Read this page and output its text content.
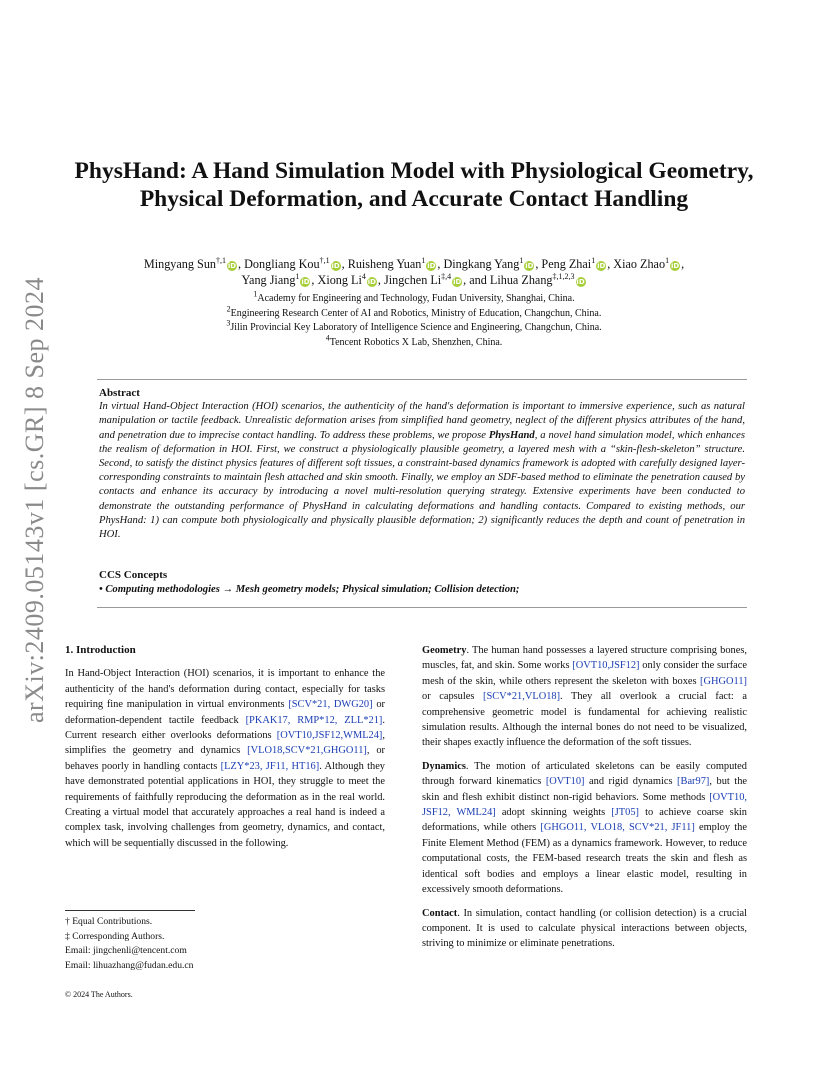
arXiv:2409.05143v1 [cs.GR] 8 Sep 2024
PhysHand: A Hand Simulation Model with Physiological Geometry,
Physical Deformation, and Accurate Contact Handling
Mingyang Sun$^{\dagger,1}$iD , Dongliang Kou$^{\dagger,1}$iD , Ruisheng Yuan$^1$iD , Dingkang Yang$^1$iD , Peng Zhai$^1$iD , Xiao Zhao$^1$iD ,
Yang Jiang$^1$iD , Xiong Li$^4$iD , Jingchen $Li^{\ddagger,4}iD$ , and Lihua Zhang$^{\ddagger,1,2,3}$iD
$^1$Academy for Engineering and Technology, Fudan University, Shanghai, China.
$^2$Engineering Research Center of AI and Robotics, Ministry of Education, Changchun, China.
$^3$Jilin Provincial Key Laboratory of Intelligence Science and Engineering, Changchun, China.
$^4$Tencent Robotics X Lab, Shenzhen, China.
Abstract
In virtual Hand-Object Interaction (HOI) scenarios, the authenticity of the hand's deformation is important to immersive experience, such as natural manipulation or tactile feedback. Unrealistic deformation arises from simplified hand geometry, neglect of the different physics attributes of the hand, and penetration due to imprecise contact handling. To address these problems, we propose PhysHand, a novel hand simulation model, which enhances the realism of deformation in HOI. First, we construct a physiologically plausible geometry, a layered mesh with a “skin-flesh-skeleton” structure. Second, to satisfy the distinct physics features of different soft tissues, a constraint-based dynamics framework is adopted with carefully designed layer-corresponding constraints to maintain flesh attached and skin smooth. Finally, we employ an SDF-based method to eliminate the penetration caused by contacts and enhance its accuracy by introducing a novel multi-resolution querying strategy. Extensive experiments have been conducted to demonstrate the outstanding performance of PhysHand in calculating deformations and handling contacts. Compared to existing methods, our PhysHand: 1) can compute both physiologically and physically plausible deformation; 2) significantly reduces the depth and count of penetration in HOI.
CCS Concepts
• Computing methodologies → Mesh geometry models; Physical simulation; Collision detection;
1. Introduction

In Hand-Object Interaction (HOI) scenarios, it is important to enhance the authenticity of the hand's deformation during contact, especially for tasks requiring fine manipulation in virtual environments [SCV*21, DWG20] or deformation-dependent tactile feedback [PKAK17, RMP*12, ZLL*21]. Current research either overlooks deformations [OVT10,JSF12,WML24], simplifies the geometry and dynamics [VLO18,SCV*21,GHGO11], or behaves poorly in handling contacts [LZY*23, JF11, HT16]. Although they have demonstrated potential applications in HOI, they struggle to meet the requirements of faithfully reproducing the deformation as in the real world. Creating a virtual model that accurately approaches a real hand is indeed a complex task, involving challenges from geometry, dynamics, and contact, which will be sequentially discussed in the following.

† Equal Contributions.
‡ Corresponding Authors.
Email: jingchenli@tencent.com
Email: lihuazhang@fudan.edu.cn
© 2024 The Authors.

Geometry. The human hand possesses a layered structure comprising bones, muscles, fat, and skin. Some works [OVT10,JSF12] only consider the surface mesh of the skin, while others represent the skeleton with boxes [GHGO11] or capsules [SCV*21,VLO18]. They all overlook a crucial fact: a comprehensive geometric model is fundamental for achieving realistic simulation results. Although the internal bones do not need to be visualized, their shapes exactly influence the deformation of the soft tissues.

Dynamics. The motion of articulated skeletons can be easily computed through forward kinematics [OVT10] and rigid dynamics [Bar97], but the skin and flesh exhibit distinct non-rigid behaviors. Some methods [OVT10, JSF12, WML24] adopt skinning weights [JT05] to achieve coarse skin deformations, while others [GHGO11, VLO18, SCV*21, JF11] employ the Finite Element Method (FEM) as a dynamics framework. However, to reduce computational costs, the FEM-based research treats the skin and flesh as identical soft bodies and employs a linear elastic model, resulting in excessively smooth deformations.

Contact. In simulation, contact handling (or collision detection) is a crucial component. It is used to calculate physical interactions between objects, striving to minimize or eliminate penetrations.
